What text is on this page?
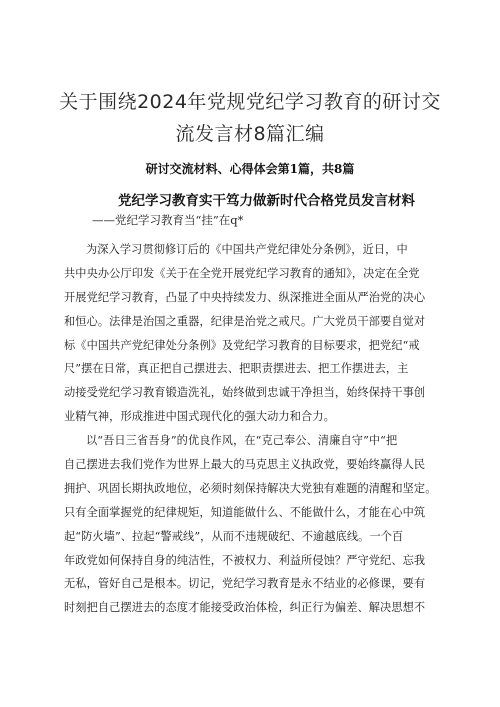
关于围绕2024年党规党纪学习教育的研讨交
流发言材8篇汇编
研讨交流材料、心得体会第1篇，共8篇
党纪学习教育实干笃力做新时代合格党员发言材料
——党纪学习教育当“挂”在q*
为深入学习贯彻修订后的《中国共产党纪律处分条例》，近日，中
共中央办公厅印发《关于在全党开展党纪学习教育的通知》，决定在全党
开展党纪学习教育，凸显了中央持续发力、纵深推进全面从严治党的决心
和恒心。法律是治国之重器，纪律是治党之戒尺。广大党员干部要自觉对
标《中国共产党纪律处分条例》及党纪学习教育的目标要求，把党纪“戒
尺”摆在日常，真正把自己摆进去、把职责摆进去、把工作摆进去，主
动接受党纪学习教育锻造洗礼，始终做到忠诚干净担当，始终保持干事创
业精气神，形成推进中国式现代化的强大动力和合力。
以“吾日三省吾身”的优良作风，在“克己奉公、清廉自守”中“把
自己摆进去我们党作为世界上最大的马克思主义执政党，要始终赢得人民
拥护、巩固长期执政地位，必须时刻保持解决大党独有难题的清醒和坚定。
只有全面掌握党的纪律规矩，知道能做什么、不能做什么，才能在心中筑
起“防火墙”、拉起“警戒线”，从而不违规破纪、不逾越底线。一个百
年政党如何保持自身的纯洁性，不被权力、利益所侵蚀？严守党纪、忘我
无私，管好自己是根本。切记，党纪学习教育是永不结业的必修课，要有
时刻把自己摆进去的态度才能接受政治体检，纠正行为偏差、解决思想不
